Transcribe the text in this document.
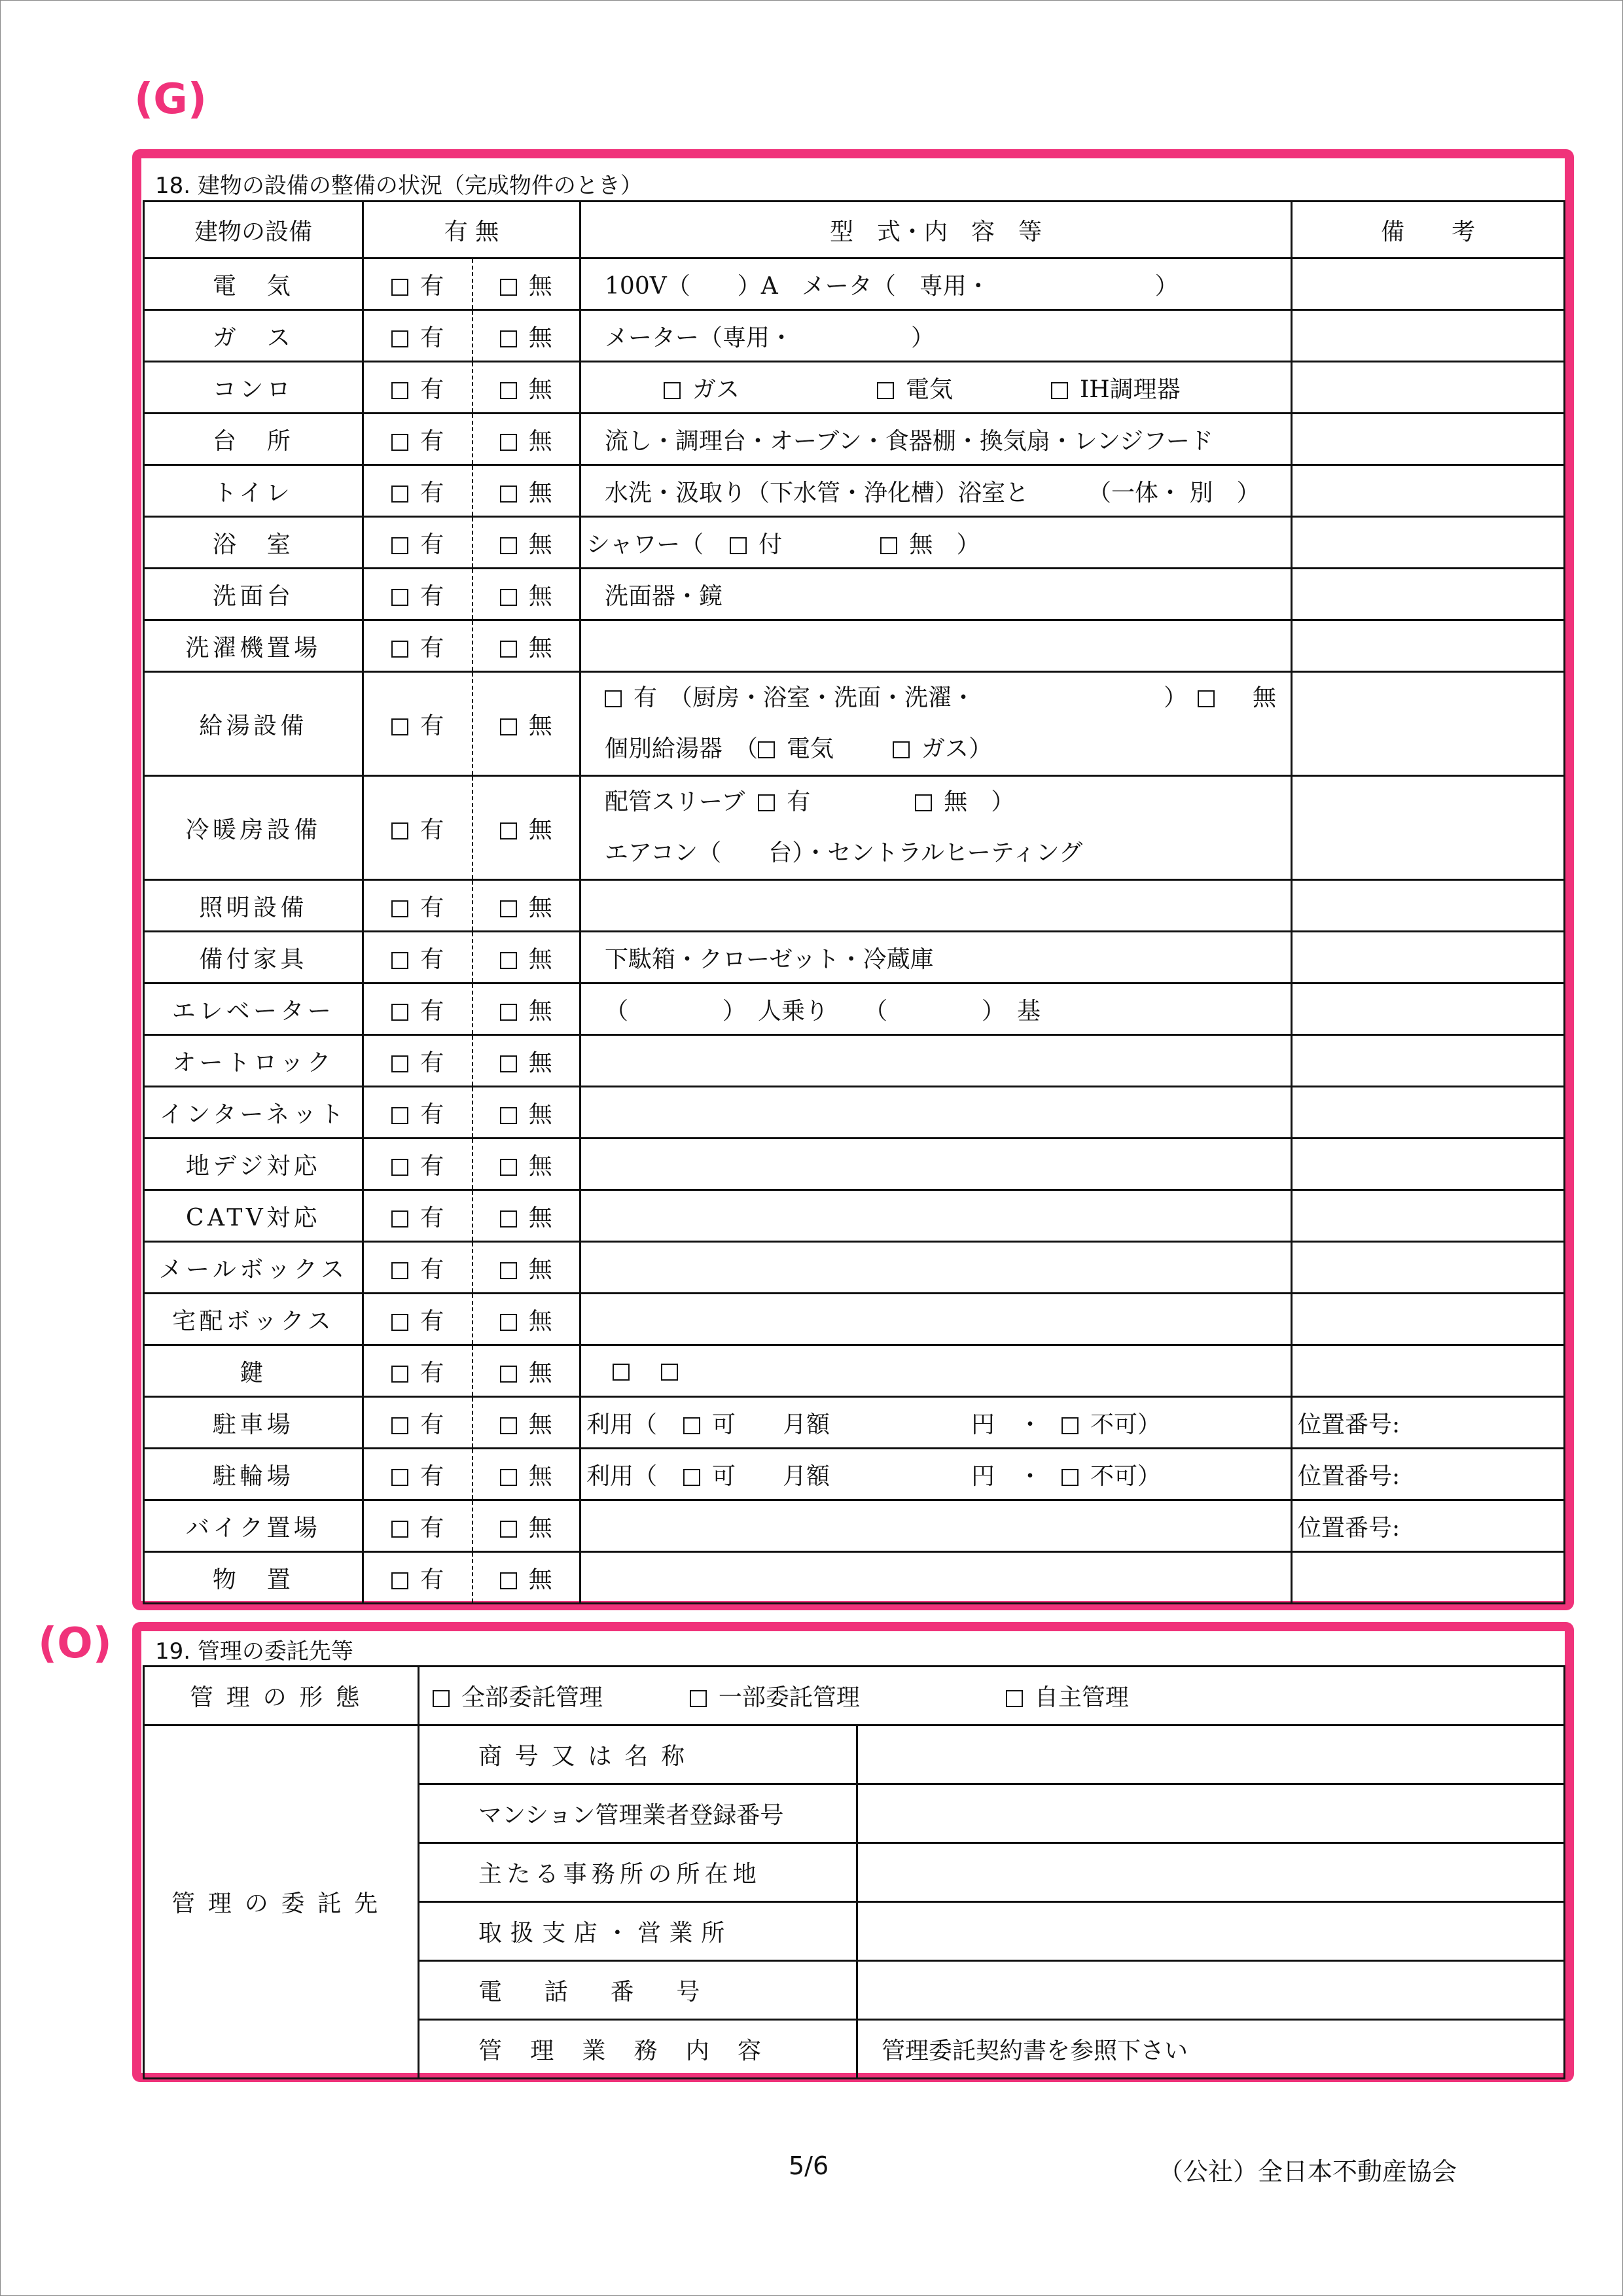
(G)
(O)
18. 建物の設備の整備の状況（完成物件のとき）
建物の設備	有 無		型　式・内　容　等	備　　考
電　気	有	無	100V（　　）A　メータ（　専用・　　　　　　　）	
ガ　ス	有	無	メーター（専用・　　　　　）	
コンロ	有	無	ガス 電気 IH調理器	
台　所	有	無	流し・調理台・オーブン・食器棚・換気扇・レンジフード	
トイレ	有	無	水洗・汲取り（下水管・浄化槽）浴室と　　　（一体・ 別　）	
浴　室	有	無	シャワー（ 付 無　）	
洗面台	有	無	洗面器・鏡	
洗濯機置場	有	無		
給湯設備	有	無	有　（厨房・浴室・洗面・洗濯・　　　　　　　　） 無
個別給湯器　（ 電気 ガス）	

冷暖房設備	有	無	配管スリーブ 有 無　）
エアコン（　　台）・セントラルヒーティング	

照明設備	有	無		
備付家具	有	無	下駄箱・クローゼット・冷蔵庫	
エレベーター	有	無	（　　　　）　人乗り　　（　　　　）　基	
オートロック	有	無		
インターネット	有	無		
地デジ対応	有	無		
CATV対応	有	無		
メールボックス	有	無		
宅配ボックス	有	無		
鍵	有	無		
駐車場	有	無	利用（ 可　　月額　　　　　　円　・ 不可）	位置番号:
駐輪場	有	無	利用（ 可　　月額　　　　　　円　・ 不可）	位置番号:
バイク置場	有	無		位置番号:
物　置	有	無		
19. 管理の委託先等
管理の形態	全部委託管理 一部委託管理 自主管理	
管理の委託先	商号又は名称	
	マンション管理業者登録番号	
	主たる事務所の所在地	
	取扱支店・営業所	
	電　話　番　号	
	管　理　業　務　内　容	管理委託契約書を参照下さい
5/6	（公社）全日本不動産協会
